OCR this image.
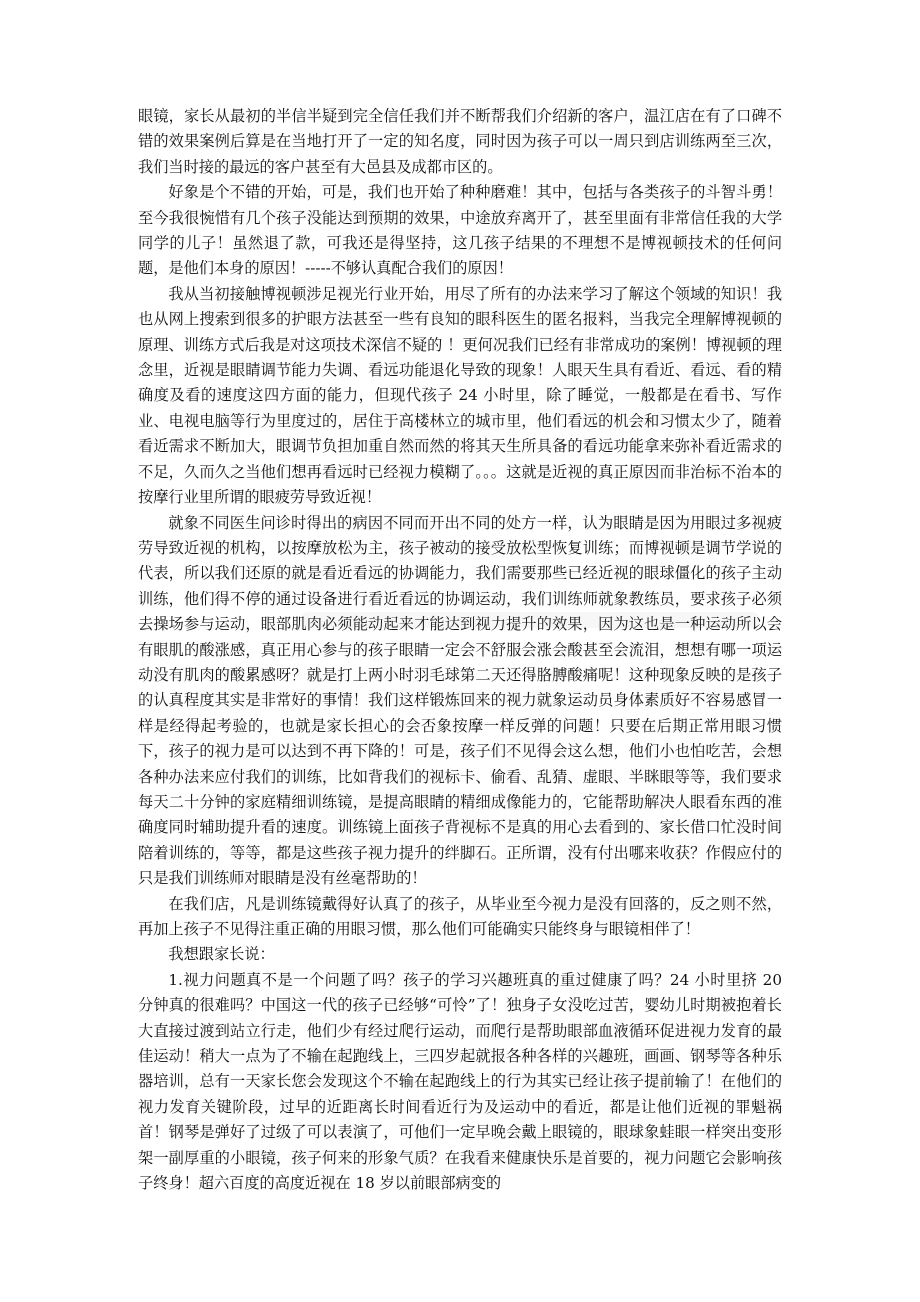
眼镜，家长从最初的半信半疑到完全信任我们并不断帮我们介绍新的客户，温江店在有了口碑不错的效果案例后算是在当地打开了一定的知名度，同时因为孩子可以一周只到店训练两至三次，我们当时接的最远的客户甚至有大邑县及成都市区的。

好象是个不错的开始，可是，我们也开始了种种磨难！其中，包括与各类孩子的斗智斗勇！至今我很惋惜有几个孩子没能达到预期的效果，中途放弃离开了，甚至里面有非常信任我的大学同学的儿子！虽然退了款，可我还是得坚持，这几孩子结果的不理想不是博视顿技术的任何问题，是他们本身的原因！-----不够认真配合我们的原因！

我从当初接触博视顿涉足视光行业开始，用尽了所有的办法来学习了解这个领域的知识！我也从网上搜索到很多的护眼方法甚至一些有良知的眼科医生的匿名报料，当我完全理解博视顿的原理、训练方式后我是对这项技术深信不疑的 ！更何况我们已经有非常成功的案例！博视顿的理念里，近视是眼睛调节能力失调、看远功能退化导致的现象！人眼天生具有看近、看远、看的精确度及看的速度这四方面的能力，但现代孩子 24 小时里，除了睡觉，一般都是在看书、写作业、电视电脑等行为里度过的，居住于高楼林立的城市里，他们看远的机会和习惯太少了，随着看近需求不断加大，眼调节负担加重自然而然的将其天生所具备的看远功能拿来弥补看近需求的不足，久而久之当他们想再看远时已经视力模糊了。。。这就是近视的真正原因而非治标不治本的按摩行业里所谓的眼疲劳导致近视！

就象不同医生问诊时得出的病因不同而开出不同的处方一样，认为眼睛是因为用眼过多视疲劳导致近视的机构，以按摩放松为主，孩子被动的接受放松型恢复训练；而博视顿是调节学说的代表，所以我们还原的就是看近看远的协调能力，我们需要那些已经近视的眼球僵化的孩子主动训练，他们得不停的通过设备进行看近看远的协调运动，我们训练师就象教练员，要求孩子必须去操场参与运动，眼部肌肉必须能动起来才能达到视力提升的效果，因为这也是一种运动所以会有眼肌的酸涨感，真正用心参与的孩子眼睛一定会不舒服会涨会酸甚至会流泪，想想有哪一项运动没有肌肉的酸累感呀？就是打上两小时羽毛球第二天还得胳膊酸痛呢！这种现象反映的是孩子的认真程度其实是非常好的事情！我们这样锻炼回来的视力就象运动员身体素质好不容易感冒一样是经得起考验的，也就是家长担心的会否象按摩一样反弹的问题！只要在后期正常用眼习惯下，孩子的视力是可以达到不再下降的！可是，孩子们不见得会这么想，他们小也怕吃苦，会想各种办法来应付我们的训练，比如背我们的视标卡、偷看、乱猜、虚眼、半眯眼等等，我们要求每天二十分钟的家庭精细训练镜，是提高眼睛的精细成像能力的，它能帮助解决人眼看东西的准确度同时辅助提升看的速度。训练镜上面孩子背视标不是真的用心去看到的、家长借口忙没时间陪着训练的，等等，都是这些孩子视力提升的绊脚石。正所谓，没有付出哪来收获？作假应付的只是我们训练师对眼睛是没有丝毫帮助的！

在我们店，凡是训练镜戴得好认真了的孩子，从毕业至今视力是没有回落的，反之则不然，再加上孩子不见得注重正确的用眼习惯，那么他们可能确实只能终身与眼镜相伴了！

我想跟家长说：

1.视力问题真不是一个问题了吗？孩子的学习兴趣班真的重过健康了吗？24 小时里挤 20 分钟真的很难吗？中国这一代的孩子已经够“可怜”了！独身子女没吃过苦，婴幼儿时期被抱着长大直接过渡到站立行走，他们少有经过爬行运动，而爬行是帮助眼部血液循环促进视力发育的最佳运动！稍大一点为了不输在起跑线上，三四岁起就报各种各样的兴趣班，画画、钢琴等各种乐器培训，总有一天家长您会发现这个不输在起跑线上的行为其实已经让孩子提前输了！在他们的视力发育关键阶段，过早的近距离长时间看近行为及运动中的看近，都是让他们近视的罪魁祸首！钢琴是弹好了过级了可以表演了，可他们一定早晚会戴上眼镜的，眼球象蛙眼一样突出变形架一副厚重的小眼镜，孩子何来的形象气质？在我看来健康快乐是首要的，视力问题它会影响孩子终身！超六百度的高度近视在 18 岁以前眼部病变的
